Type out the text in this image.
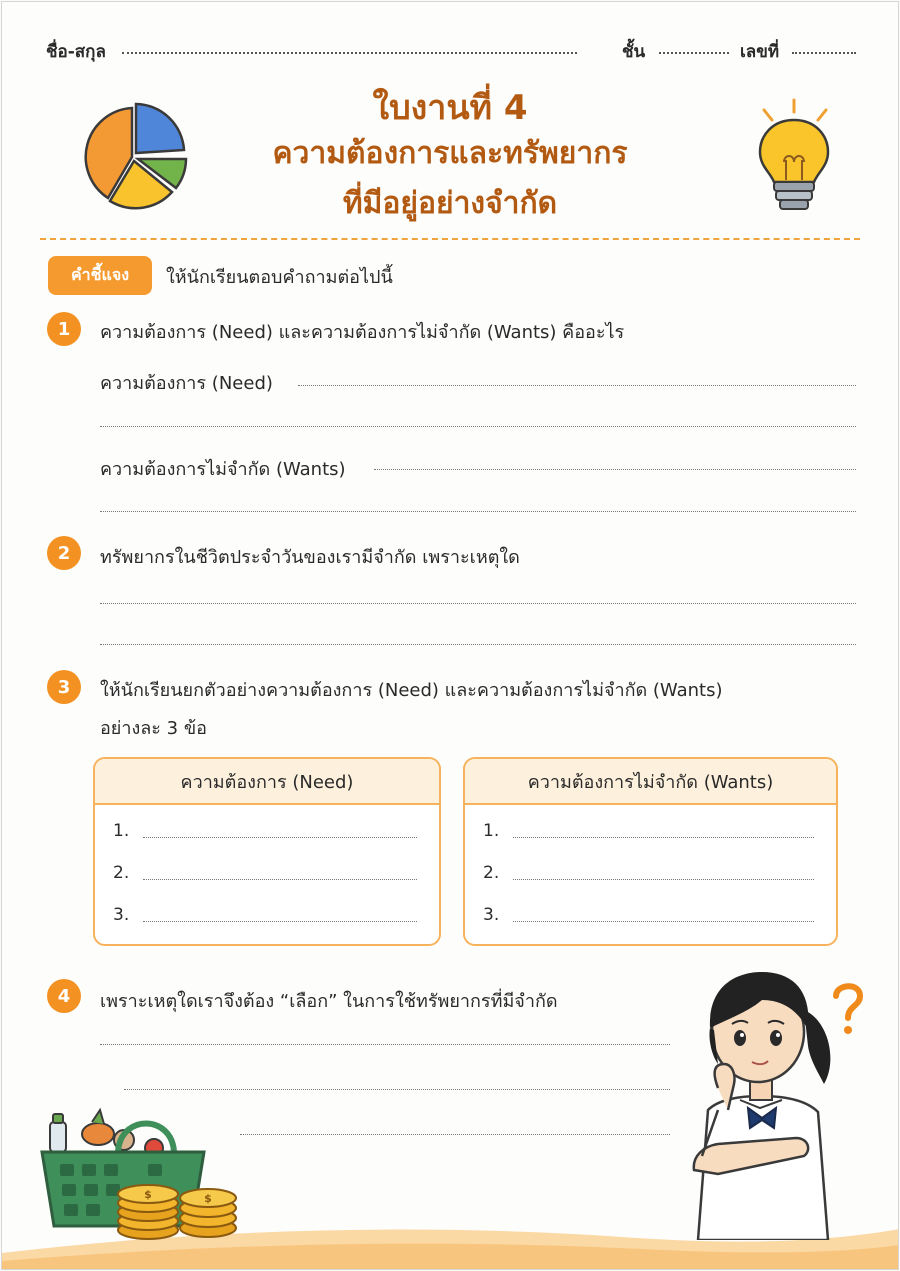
ชื่อ-สกุล	ชั้น	เลขที่
ใบงานที่ 4
ความต้องการและทรัพยากร
ที่มีอยู่อย่างจำกัด
คำชี้แจง	ให้นักเรียนตอบคำถามต่อไปนี้
1	ความต้องการ (Need) และความต้องการไม่จำกัด (Wants) คืออะไร
ความต้องการ (Need)
ความต้องการไม่จำกัด (Wants)
2	ทรัพยากรในชีวิตประจำวันของเรามีจำกัด เพราะเหตุใด
3	ให้นักเรียนยกตัวอย่างความต้องการ (Need) และความต้องการไม่จำกัด (Wants)
อย่างละ 3 ข้อ
ความต้องการ (Need)
1.
2.
3.
ความต้องการไม่จำกัด (Wants)
1.
2.
3.
4	เพราะเหตุใดเราจึงต้อง “เลือก” ในการใช้ทรัพยากรที่มีจำกัด
$	$
